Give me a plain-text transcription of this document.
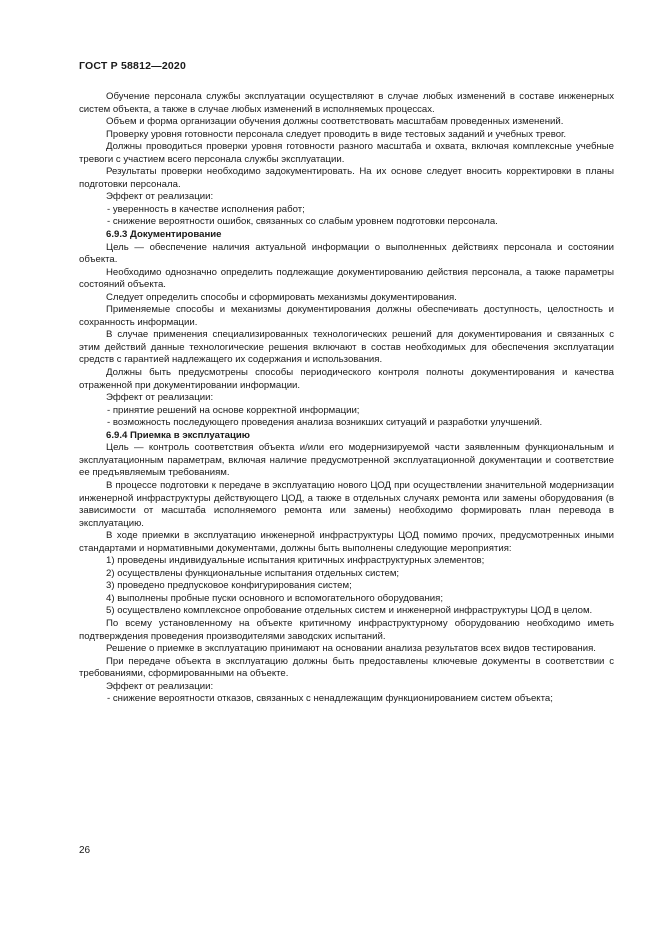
ГОСТ Р 58812—2020

Обучение персонала службы эксплуатации осуществляют в случае любых изменений в составе инженерных систем объекта, а также в случае любых изменений в исполняемых процессах.

Объем и форма организации обучения должны соответствовать масштабам проведенных изменений.

Проверку уровня готовности персонала следует проводить в виде тестовых заданий и учебных тревог.

Должны проводиться проверки уровня готовности разного масштаба и охвата, включая комплексные учебные тревоги с участием всего персонала службы эксплуатации.

Результаты проверки необходимо задокументировать. На их основе следует вносить корректировки в планы подготовки персонала.

Эффект от реализации:

- уверенность в качестве исполнения работ;

- снижение вероятности ошибок, связанных со слабым уровнем подготовки персонала.

6.9.3 Документирование

Цель — обеспечение наличия актуальной информации о выполненных действиях персонала и состоянии объекта.

Необходимо однозначно определить подлежащие документированию действия персонала, а также параметры состояний объекта.

Следует определить способы и сформировать механизмы документирования.

Применяемые способы и механизмы документирования должны обеспечивать доступность, целостность и сохранность информации.

В случае применения специализированных технологических решений для документирования и связанных с этим действий данные технологические решения включают в состав необходимых для обеспечения эксплуатации средств с гарантией надлежащего их содержания и использования.

Должны быть предусмотрены способы периодического контроля полноты документирования и качества отраженной при документировании информации.

Эффект от реализации:

- принятие решений на основе корректной информации;

- возможность последующего проведения анализа возникших ситуаций и разработки улучшений.

6.9.4 Приемка в эксплуатацию

Цель — контроль соответствия объекта и/или его модернизируемой части заявленным функциональным и эксплуатационным параметрам, включая наличие предусмотренной эксплуатационной документации и соответствие ее предъявляемым требованиям.

В процессе подготовки к передаче в эксплуатацию нового ЦОД при осуществлении значительной модернизации инженерной инфраструктуры действующего ЦОД, а также в отдельных случаях ремонта или замены оборудования (в зависимости от масштаба исполняемого ремонта или замены) необходимо формировать план перевода в эксплуатацию.

В ходе приемки в эксплуатацию инженерной инфраструктуры ЦОД помимо прочих, предусмотренных иными стандартами и нормативными документами, должны быть выполнены следующие мероприятия:

1) проведены индивидуальные испытания критичных инфраструктурных элементов;

2) осуществлены функциональные испытания отдельных систем;

3) проведено предпусковое конфигурирования систем;

4) выполнены пробные пуски основного и вспомогательного оборудования;

5) осуществлено комплексное опробование отдельных систем и инженерной инфраструктуры ЦОД в целом.

По всему установленному на объекте критичному инфраструктурному оборудованию необходимо иметь подтверждения проведения производителями заводских испытаний.

Решение о приемке в эксплуатацию принимают на основании анализа результатов всех видов тестирования.

При передаче объекта в эксплуатацию должны быть предоставлены ключевые документы в соответствии с требованиями, сформированными на объекте.

Эффект от реализации:

- снижение вероятности отказов, связанных с ненадлежащим функционированием систем объекта;

26
